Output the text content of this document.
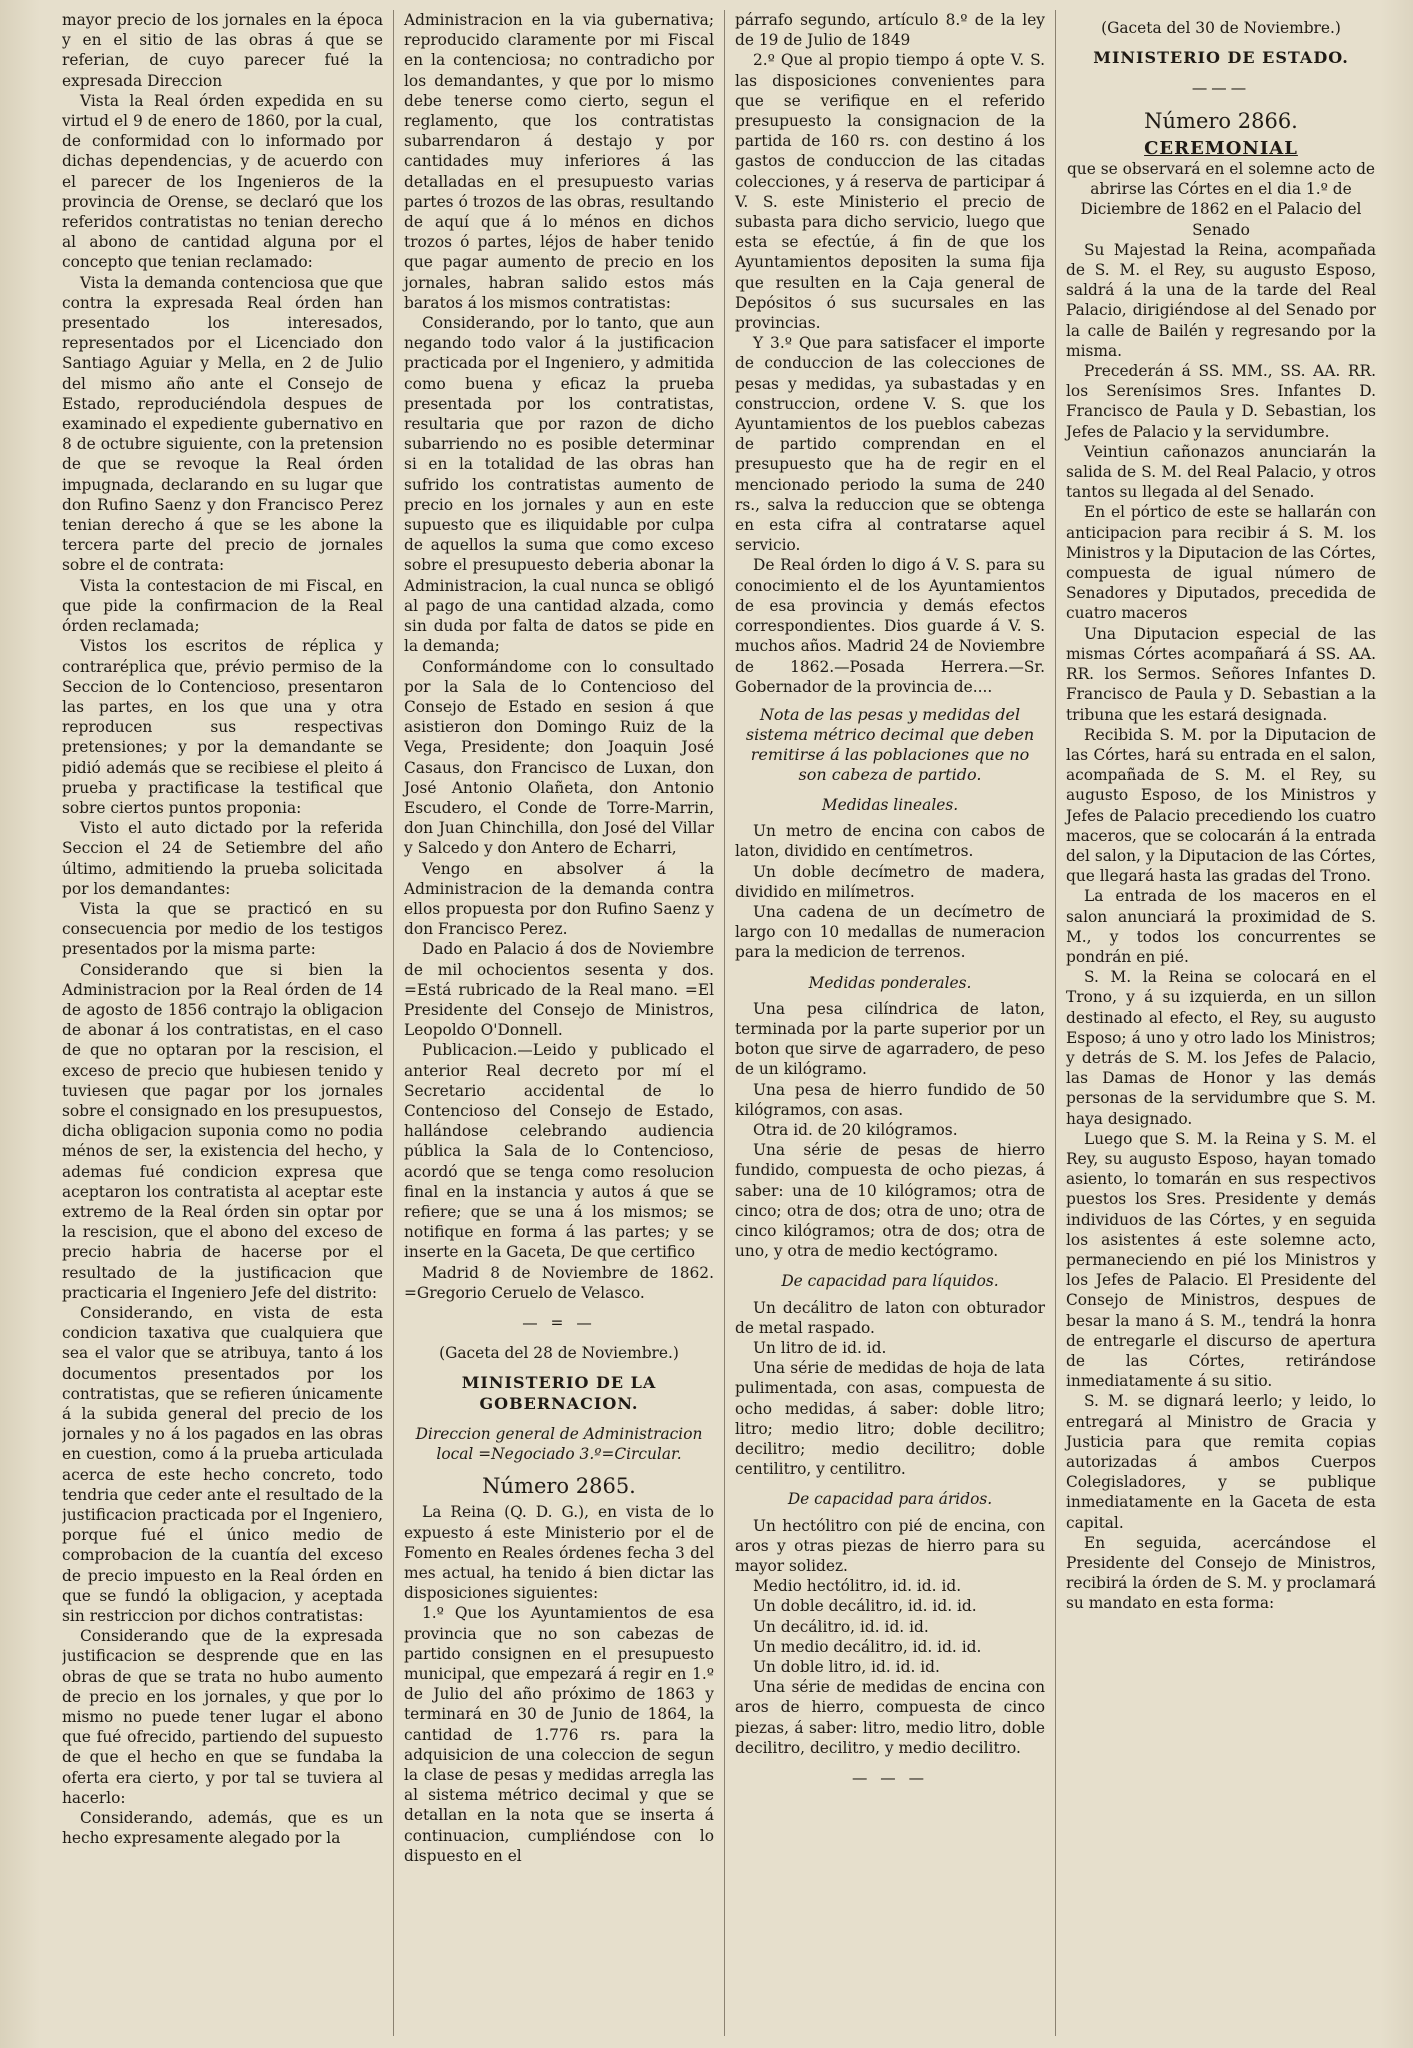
mayor precio de los jornales en la época y en el sitio de las obras á que se referian, de cuyo parecer fué la expresada Direccion

Vista la Real órden expedida en su virtud el 9 de enero de 1860, por la cual, de conformidad con lo informado por dichas dependencias, y de acuerdo con el parecer de los Ingenieros de la provincia de Orense, se declaró que los referidos contratistas no tenian derecho al abono de cantidad alguna por el concepto que tenian reclamado:

Vista la demanda contenciosa que que contra la expresada Real órden han presentado los interesados, representados por el Licenciado don Santiago Aguiar y Mella, en 2 de Julio del mismo año ante el Consejo de Estado, reproduciéndola despues de examinado el expediente gubernativo en 8 de octubre siguiente, con la pretension de que se revoque la Real órden impugnada, declarando en su lugar que don Rufino Saenz y don Francisco Perez tenian derecho á que se les abone la tercera parte del precio de jornales sobre el de contrata:

Vista la contestacion de mi Fiscal, en que pide la confirmacion de la Real órden reclamada;

Vistos los escritos de réplica y contraréplica que, prévio permiso de la Seccion de lo Contencioso, presentaron las partes, en los que una y otra reproducen sus respectivas pretensiones; y por la demandante se pidió además que se recibiese el pleito á prueba y practificase la testifical que sobre ciertos puntos proponia:

Visto el auto dictado por la referida Seccion el 24 de Setiembre del año último, admitiendo la prueba solicitada por los demandantes:

Vista la que se practicó en su consecuencia por medio de los testigos presentados por la misma parte:

Considerando que si bien la Administracion por la Real órden de 14 de agosto de 1856 contrajo la obligacion de abonar á los contratistas, en el caso de que no optaran por la rescision, el exceso de precio que hubiesen tenido y tuviesen que pagar por los jornales sobre el consignado en los presupuestos, dicha obligacion suponia como no podia ménos de ser, la existencia del hecho, y ademas fué condicion expresa que aceptaron los contratista al aceptar este extremo de la Real órden sin optar por la rescision, que el abono del exceso de precio habria de hacerse por el resultado de la justificacion que practicaria el Ingeniero Jefe del distrito:

Considerando, en vista de esta condicion taxativa que cualquiera que sea el valor que se atribuya, tanto á los documentos presentados por los contratistas, que se refieren únicamente á la subida general del precio de los jornales y no á los pagados en las obras en cuestion, como á la prueba articulada acerca de este hecho concreto, todo tendria que ceder ante el resultado de la justificacion practicada por el Ingeniero, porque fué el único medio de comprobacion de la cuantía del exceso de precio impuesto en la Real órden en que se fundó la obligacion, y aceptada sin restriccion por dichos contratistas:

Considerando que de la expresada justificacion se desprende que en las obras de que se trata no hubo aumento de precio en los jornales, y que por lo mismo no puede tener lugar el abono que fué ofrecido, partiendo del supuesto de que el hecho en que se fundaba la oferta era cierto, y por tal se tuviera al hacerlo:

Considerando, además, que es un hecho expresamente alegado por la

Administracion en la via gubernativa; reproducido claramente por mi Fiscal en la contenciosa; no contradicho por los demandantes, y que por lo mismo debe tenerse como cierto, segun el reglamento, que los contratistas subarrendaron á destajo y por cantidades muy inferiores á las detalladas en el presupuesto varias partes ó trozos de las obras, resultando de aquí que á lo ménos en dichos trozos ó partes, léjos de haber tenido que pagar aumento de precio en los jornales, habran salido estos más baratos á los mismos contratistas:

Considerando, por lo tanto, que aun negando todo valor á la justificacion practicada por el Ingeniero, y admitida como buena y eficaz la prueba presentada por los contratistas, resultaria que por razon de dicho subarriendo no es posible determinar si en la totalidad de las obras han sufrido los contratistas aumento de precio en los jornales y aun en este supuesto que es iliquidable por culpa de aquellos la suma que como exceso sobre el presupuesto deberia abonar la Administracion, la cual nunca se obligó al pago de una cantidad alzada, como sin duda por falta de datos se pide en la demanda;

Conformándome con lo consultado por la Sala de lo Contencioso del Consejo de Estado en sesion á que asistieron don Domingo Ruiz de la Vega, Presidente; don Joaquin José Casaus, don Francisco de Luxan, don José Antonio Olañeta, don Antonio Escudero, el Conde de Torre-Marrin, don Juan Chinchilla, don José del Villar y Salcedo y don Antero de Echarri,

Vengo en absolver á la Administracion de la demanda contra ellos propuesta por don Rufino Saenz y don Francisco Perez.

Dado en Palacio á dos de Noviembre de mil ochocientos sesenta y dos. =Está rubricado de la Real mano. =El Presidente del Consejo de Ministros, Leopoldo O'Donnell.

Publicacion.—Leido y publicado el anterior Real decreto por mí el Secretario accidental de lo Contencioso del Consejo de Estado, hallándose celebrando audiencia pública la Sala de lo Contencioso, acordó que se tenga como resolucion final en la instancia y autos á que se refiere; que se una á los mismos; se notifique en forma á las partes; y se inserte en la Gaceta, De que certifico

Madrid 8 de Noviembre de 1862. =Gregorio Ceruelo de Velasco.

— = —
(Gaceta del 28 de Noviembre.)
MINISTERIO DE LA GOBERNACION.
Direccion general de Administracion local =Negociado 3.º=Circular.
Número 2865.

La Reina (Q. D. G.), en vista de lo expuesto á este Ministerio por el de Fomento en Reales órdenes fecha 3 del mes actual, ha tenido á bien dictar las disposiciones siguientes:

1.º Que los Ayuntamientos de esa provincia que no son cabezas de partido consignen en el presupuesto municipal, que empezará á regir en 1.º de Julio del año próximo de 1863 y terminará en 30 de Junio de 1864, la cantidad de 1.776 rs. para la adquisicion de una coleccion de segun la clase de pesas y medidas arregla las al sistema métrico decimal y que se detallan en la nota que se inserta á continuacion, cumpliéndose con lo dispuesto en el

párrafo segundo, artículo 8.º de la ley de 19 de Julio de 1849

2.º Que al propio tiempo á opte V. S. las disposiciones convenientes para que se verifique en el referido presupuesto la consignacion de la partida de 160 rs. con destino á los gastos de conduccion de las citadas colecciones, y á reserva de participar á V. S. este Ministerio el precio de subasta para dicho servicio, luego que esta se efectúe, á fin de que los Ayuntamientos depositen la suma fija que resulten en la Caja general de Depósitos ó sus sucursales en las provincias.

Y 3.º Que para satisfacer el importe de conduccion de las colecciones de pesas y medidas, ya subastadas y en construccion, ordene V. S. que los Ayuntamientos de los pueblos cabezas de partido comprendan en el presupuesto que ha de regir en el mencionado periodo la suma de 240 rs., salva la reduccion que se obtenga en esta cifra al contratarse aquel servicio.

De Real órden lo digo á V. S. para su conocimiento el de los Ayuntamientos de esa provincia y demás efectos correspondientes. Dios guarde á V. S. muchos años. Madrid 24 de Noviembre de 1862.—Posada Herrera.—Sr. Gobernador de la provincia de....

Nota de las pesas y medidas del sistema métrico decimal que deben remitirse á las poblaciones que no son cabeza de partido.
Medidas lineales.

Un metro de encina con cabos de laton, dividido en centímetros.

Un doble decímetro de madera, dividido en milímetros.

Una cadena de un decímetro de largo con 10 medallas de numeracion para la medicion de terrenos.

Medidas ponderales.

Una pesa cilíndrica de laton, terminada por la parte superior por un boton que sirve de agarradero, de peso de un kilógramo.

Una pesa de hierro fundido de 50 kilógramos, con asas.

Otra id. de 20 kilógramos.

Una série de pesas de hierro fundido, compuesta de ocho piezas, á saber: una de 10 kilógramos; otra de cinco; otra de dos; otra de uno; otra de cinco kilógramos; otra de dos; otra de uno, y otra de medio kectógramo.

De capacidad para líquidos.

Un decálitro de laton con obturador de metal raspado.

Un litro de id. id.

Una série de medidas de hoja de lata pulimentada, con asas, compuesta de ocho medidas, á saber: doble litro; litro; medio litro; doble decilitro; decilitro; medio decilitro; doble centilitro, y centilitro.

De capacidad para áridos.

Un hectólitro con pié de encina, con aros y otras piezas de hierro para su mayor solidez.

Medio hectólitro, id. id. id.

Un doble decálitro, id. id. id.

Un decálitro, id. id. id.

Un medio decálitro, id. id. id.

Un doble litro, id. id. id.

Una série de medidas de encina con aros de hierro, compuesta de cinco piezas, á saber: litro, medio litro, doble decilitro, decilitro, y medio decilitro.

— — —
(Gaceta del 30 de Noviembre.)
MINISTERIO DE ESTADO.
———
Número 2866.
CEREMONIAL

que se observará en el solemne acto de abrirse las Córtes en el dia 1.º de Diciembre de 1862 en el Palacio del Senado

Su Majestad la Reina, acompañada de S. M. el Rey, su augusto Esposo, saldrá á la una de la tarde del Real Palacio, dirigiéndose al del Senado por la calle de Bailén y regresando por la misma.

Precederán á SS. MM., SS. AA. RR. los Serenísimos Sres. Infantes D. Francisco de Paula y D. Sebastian, los Jefes de Palacio y la servidumbre.

Veintiun cañonazos anunciarán la salida de S. M. del Real Palacio, y otros tantos su llegada al del Senado.

En el pórtico de este se hallarán con anticipacion para recibir á S. M. los Ministros y la Diputacion de las Córtes, compuesta de igual número de Senadores y Diputados, precedida de cuatro maceros

Una Diputacion especial de las mismas Córtes acompañará á SS. AA. RR. los Sermos. Señores Infantes D. Francisco de Paula y D. Sebastian a la tribuna que les estará designada.

Recibida S. M. por la Diputacion de las Córtes, hará su entrada en el salon, acompañada de S. M. el Rey, su augusto Esposo, de los Ministros y Jefes de Palacio precediendo los cuatro maceros, que se colocarán á la entrada del salon, y la Diputacion de las Córtes, que llegará hasta las gradas del Trono.

La entrada de los maceros en el salon anunciará la proximidad de S. M., y todos los concurrentes se pondrán en pié.

S. M. la Reina se colocará en el Trono, y á su izquierda, en un sillon destinado al efecto, el Rey, su augusto Esposo; á uno y otro lado los Ministros; y detrás de S. M. los Jefes de Palacio, las Damas de Honor y las demás personas de la servidumbre que S. M. haya designado.

Luego que S. M. la Reina y S. M. el Rey, su augusto Esposo, hayan tomado asiento, lo tomarán en sus respectivos puestos los Sres. Presidente y demás individuos de las Córtes, y en seguida los asistentes á este solemne acto, permaneciendo en pié los Ministros y los Jefes de Palacio. El Presidente del Consejo de Ministros, despues de besar la mano á S. M., tendrá la honra de entregarle el discurso de apertura de las Córtes, retirándose inmediatamente á su sitio.

S. M. se dignará leerlo; y leido, lo entregará al Ministro de Gracia y Justicia para que remita copias autorizadas á ambos Cuerpos Colegisladores, y se publique inmediatamente en la Gaceta de esta capital.

En seguida, acercándose el Presidente del Consejo de Ministros, recibirá la órden de S. M. y proclamará su mandato en esta forma:
